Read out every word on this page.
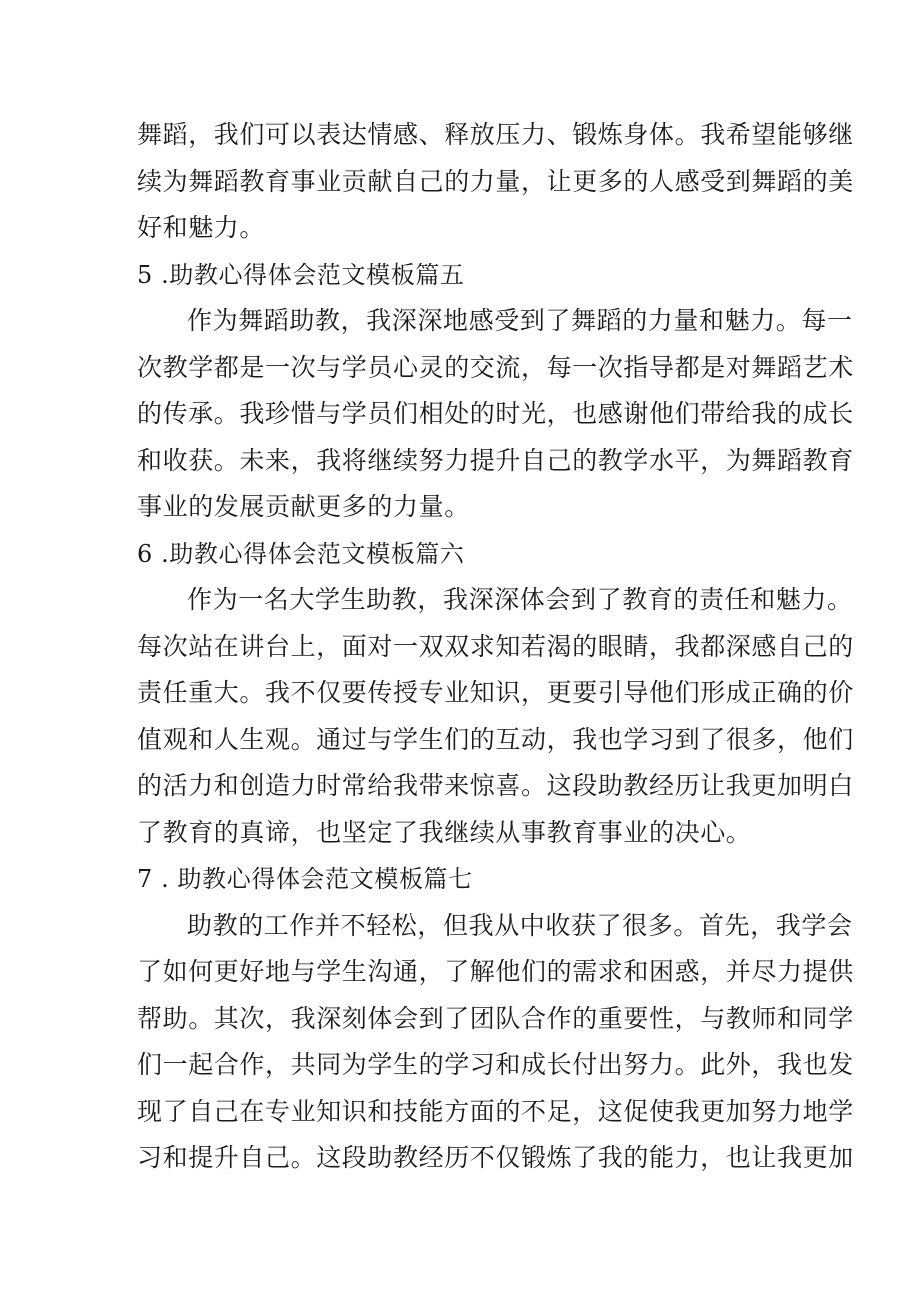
舞蹈，我们可以表达情感、释放压力、锻炼身体。我希望能够继
续为舞蹈教育事业贡献自己的力量，让更多的人感受到舞蹈的美
好和魅力。
5 .助教心得体会范文模板篇五
作为舞蹈助教，我深深地感受到了舞蹈的力量和魅力。每一
次教学都是一次与学员心灵的交流，每一次指导都是对舞蹈艺术
的传承。我珍惜与学员们相处的时光，也感谢他们带给我的成长
和收获。未来，我将继续努力提升自己的教学水平，为舞蹈教育
事业的发展贡献更多的力量。
6 .助教心得体会范文模板篇六
作为一名大学生助教，我深深体会到了教育的责任和魅力。
每次站在讲台上，面对一双双求知若渴的眼睛，我都深感自己的
责任重大。我不仅要传授专业知识，更要引导他们形成正确的价
值观和人生观。通过与学生们的互动，我也学习到了很多，他们
的活力和创造力时常给我带来惊喜。这段助教经历让我更加明白
了教育的真谛，也坚定了我继续从事教育事业的决心。
7 . 助教心得体会范文模板篇七
助教的工作并不轻松，但我从中收获了很多。首先，我学会
了如何更好地与学生沟通，了解他们的需求和困惑，并尽力提供
帮助。其次，我深刻体会到了团队合作的重要性，与教师和同学
们一起合作，共同为学生的学习和成长付出努力。此外，我也发
现了自己在专业知识和技能方面的不足，这促使我更加努力地学
习和提升自己。这段助教经历不仅锻炼了我的能力，也让我更加
